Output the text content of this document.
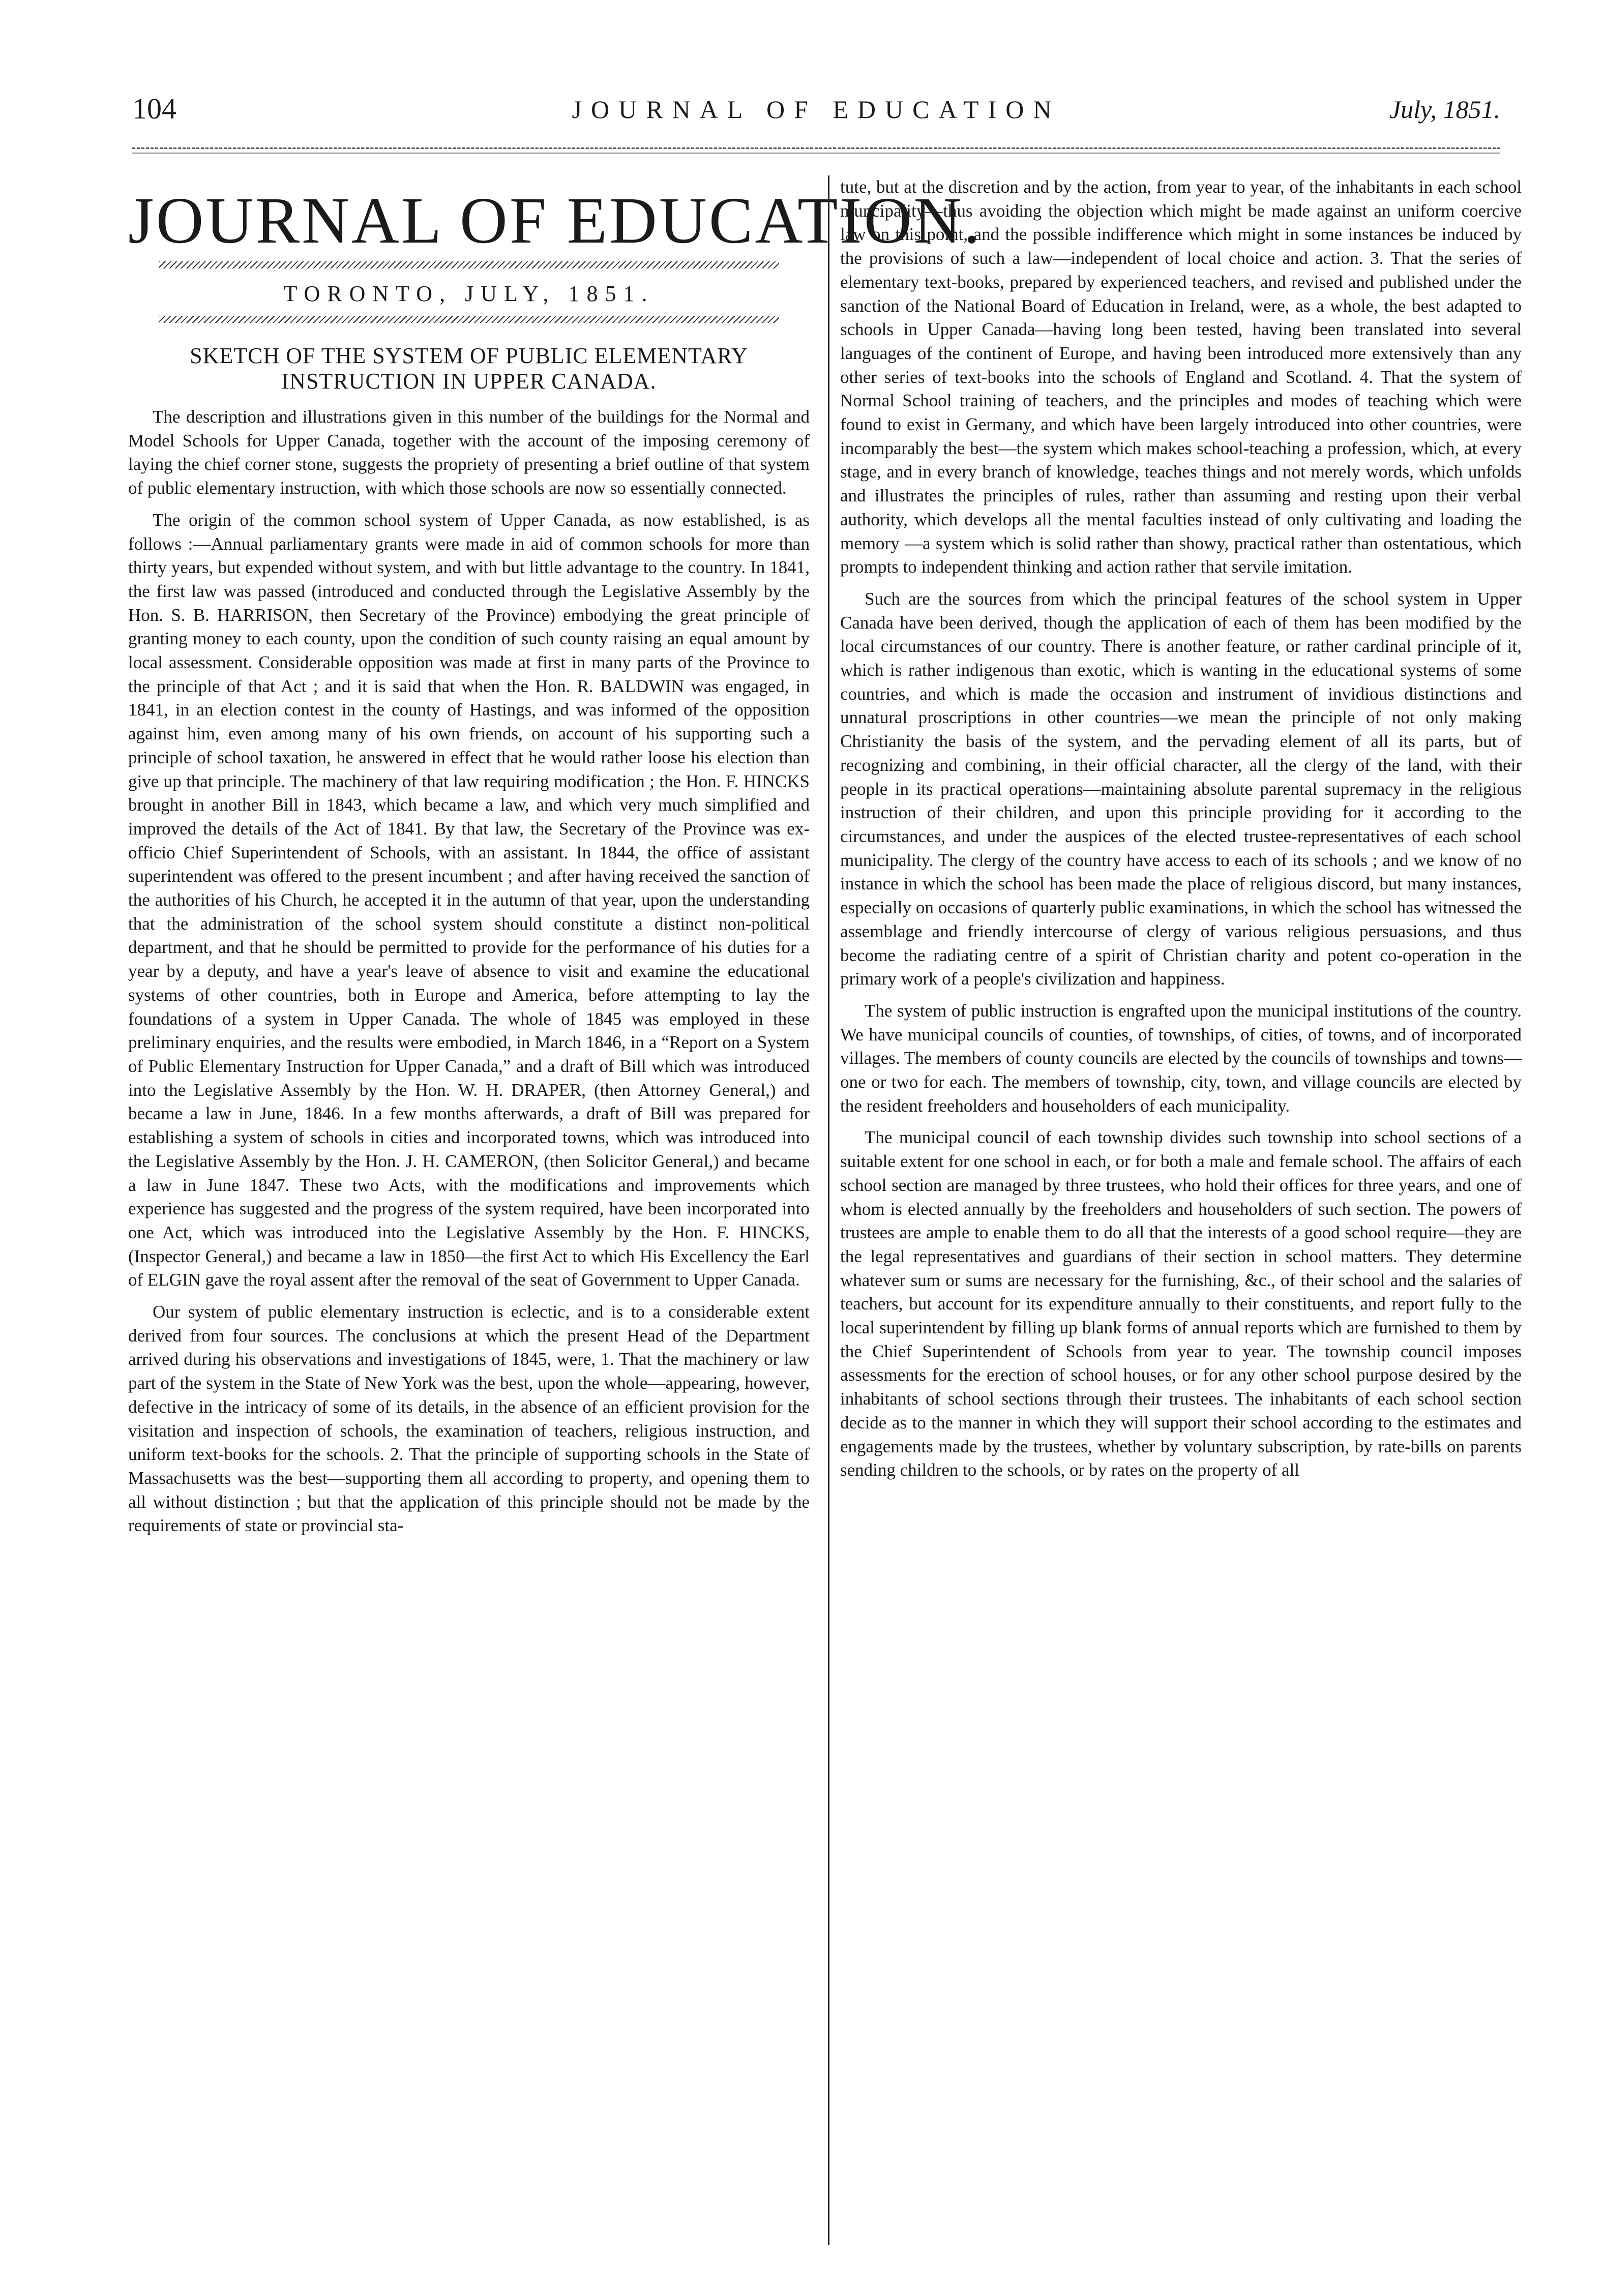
104	JOURNAL OF EDUCATION	July, 1851.
JOURNAL OF EDUCATION.
TORONTO, JULY, 1851.
SKETCH OF THE SYSTEM OF PUBLIC ELEMENTARY
INSTRUCTION IN UPPER CANADA.

The description and illustrations given in this number of the buildings for the Normal and Model Schools for Upper Canada, together with the account of the imposing ceremony of laying the chief corner stone, suggests the propriety of presenting a brief outline of that system of public elementary instruction, with which those schools are now so essentially connected.

The origin of the common school system of Upper Canada, as now established, is as follows :—Annual parliamentary grants were made in aid of common schools for more than thirty years, but expended without system, and with but little advantage to the country. In 1841, the first law was passed (introduced and conducted through the Legislative Assembly by the Hon. S. B. HARRISON, then Secretary of the Province) embodying the great principle of granting money to each county, upon the condition of such county raising an equal amount by local assessment. Considerable opposition was made at first in many parts of the Province to the principle of that Act ; and it is said that when the Hon. R. BALDWIN was engaged, in 1841, in an election contest in the county of Hastings, and was informed of the opposition against him, even among many of his own friends, on account of his supporting such a principle of school taxation, he answered in effect that he would rather loose his election than give up that principle. The machinery of that law requiring modification ; the Hon. F. HINCKS brought in another Bill in 1843, which became a law, and which very much simplified and improved the details of the Act of 1841. By that law, the Secretary of the Province was ex-officio Chief Superintendent of Schools, with an assistant. In 1844, the office of assistant superintendent was offered to the present incumbent ; and after having received the sanction of the authorities of his Church, he accepted it in the autumn of that year, upon the understanding that the administration of the school system should constitute a distinct non-political department, and that he should be permitted to provide for the performance of his duties for a year by a deputy, and have a year's leave of absence to visit and examine the educational systems of other countries, both in Europe and America, before attempting to lay the foundations of a system in Upper Canada. The whole of 1845 was employed in these preliminary enquiries, and the results were embodied, in March 1846, in a “Report on a System of Public Elementary Instruction for Upper Canada,” and a draft of Bill which was introduced into the Legislative Assembly by the Hon. W. H. DRAPER, (then Attorney General,) and became a law in June, 1846. In a few months afterwards, a draft of Bill was prepared for establishing a system of schools in cities and incorporated towns, which was introduced into the Legislative Assembly by the Hon. J. H. CAMERON, (then Solicitor General,) and became a law in June 1847. These two Acts, with the modifications and improvements which experience has suggested and the progress of the system required, have been incorporated into one Act, which was introduced into the Legislative Assembly by the Hon. F. HINCKS, (Inspector General,) and became a law in 1850—the first Act to which His Excellency the Earl of ELGIN gave the royal assent after the removal of the seat of Government to Upper Canada.

Our system of public elementary instruction is eclectic, and is to a considerable extent derived from four sources. The conclusions at which the present Head of the Department arrived during his observations and investigations of 1845, were, 1. That the machinery or law part of the system in the State of New York was the best, upon the whole—appearing, however, defective in the intricacy of some of its details, in the absence of an efficient provision for the visitation and inspection of schools, the examination of teachers, religious instruction, and uniform text-books for the schools. 2. That the principle of supporting schools in the State of Massachusetts was the best—supporting them all according to property, and opening them to all without distinction ; but that the application of this principle should not be made by the requirements of state or provincial sta-

tute, but at the discretion and by the action, from year to year, of the inhabitants in each school muncipality—thus avoiding the objection which might be made against an uniform coercive law on this point, and the possible indifference which might in some instances be induced by the provisions of such a law—independent of local choice and action. 3. That the series of elementary text-books, prepared by experienced teachers, and revised and published under the sanction of the National Board of Education in Ireland, were, as a whole, the best adapted to schools in Upper Canada—having long been tested, having been translated into several languages of the continent of Europe, and having been introduced more extensively than any other series of text-books into the schools of England and Scotland. 4. That the system of Normal School training of teachers, and the principles and modes of teaching which were found to exist in Germany, and which have been largely introduced into other countries, were incomparably the best—the system which makes school-teaching a profession, which, at every stage, and in every branch of knowledge, teaches things and not merely words, which unfolds and illustrates the principles of rules, rather than assuming and resting upon their verbal authority, which develops all the mental faculties instead of only cultivating and loading the memory —a system which is solid rather than showy, practical rather than ostentatious, which prompts to independent thinking and action rather that servile imitation.

Such are the sources from which the principal features of the school system in Upper Canada have been derived, though the application of each of them has been modified by the local circumstances of our country. There is another feature, or rather cardinal principle of it, which is rather indigenous than exotic, which is wanting in the educational systems of some countries, and which is made the occasion and instrument of invidious distinctions and unnatural proscriptions in other countries—we mean the principle of not only making Christianity the basis of the system, and the pervading element of all its parts, but of recognizing and combining, in their official character, all the clergy of the land, with their people in its practical operations—maintaining absolute parental supremacy in the religious instruction of their children, and upon this principle providing for it according to the circumstances, and under the auspices of the elected trustee-representatives of each school municipality. The clergy of the country have access to each of its schools ; and we know of no instance in which the school has been made the place of religious discord, but many instances, especially on occasions of quarterly public examinations, in which the school has witnessed the assemblage and friendly intercourse of clergy of various religious persuasions, and thus become the radiating centre of a spirit of Christian charity and potent co-operation in the primary work of a people's civilization and happiness.

The system of public instruction is engrafted upon the municipal institutions of the country. We have municipal councils of counties, of townships, of cities, of towns, and of incorporated villages. The members of county councils are elected by the councils of townships and towns—one or two for each. The members of township, city, town, and village councils are elected by the resident freeholders and householders of each municipality.

The municipal council of each township divides such township into school sections of a suitable extent for one school in each, or for both a male and female school. The affairs of each school section are managed by three trustees, who hold their offices for three years, and one of whom is elected annually by the freeholders and householders of such section. The powers of trustees are ample to enable them to do all that the interests of a good school require—they are the legal representatives and guardians of their section in school matters. They determine whatever sum or sums are necessary for the furnishing, &c., of their school and the salaries of teachers, but account for its expenditure annually to their constituents, and report fully to the local superintendent by filling up blank forms of annual reports which are furnished to them by the Chief Superintendent of Schools from year to year. The township council imposes assessments for the erection of school houses, or for any other school purpose desired by the inhabitants of school sections through their trustees. The inhabitants of each school section decide as to the manner in which they will support their school according to the estimates and engagements made by the trustees, whether by voluntary subscription, by rate-bills on parents sending children to the schools, or by rates on the property of all
